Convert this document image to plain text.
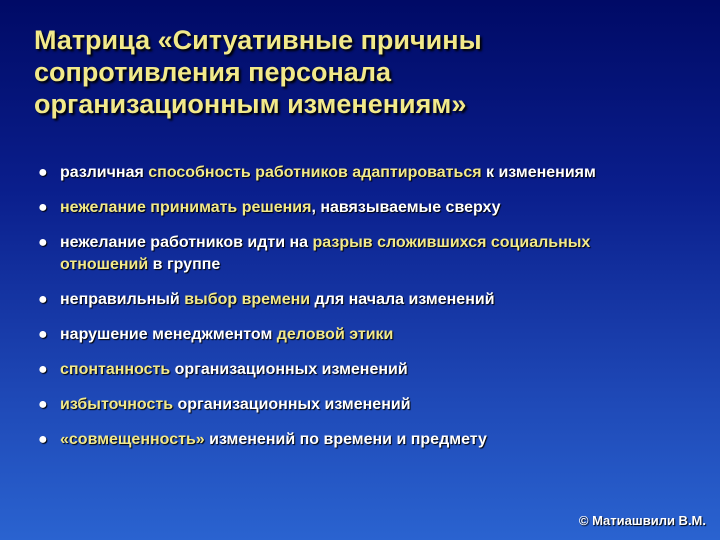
Матрица «Ситуативные причины
сопротивления персонала
организационным изменениям»
● различная способность работников адаптироваться к изменениям
● нежелание принимать решения, навязываемые сверху
● нежелание работников идти на разрыв сложившихся социальных отношений в группе
● неправильный выбор времени для начала изменений
● нарушение менеджментом деловой этики
● спонтанность организационных изменений
● избыточность организационных изменений
● «совмещенность» изменений по времени и предмету
© Матиашвили В.М.
